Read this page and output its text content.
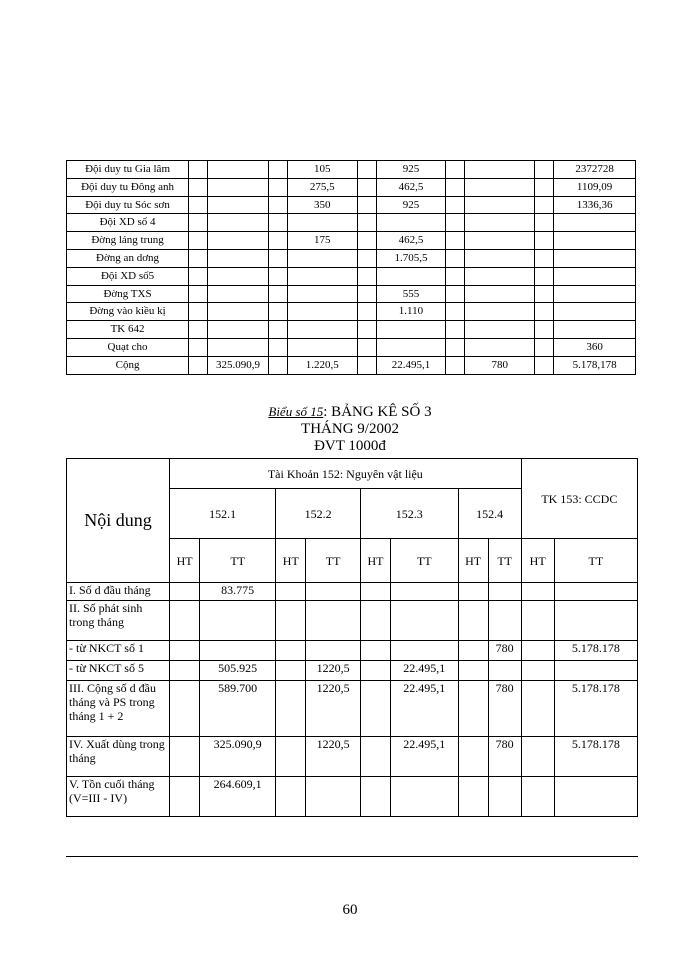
Đội duy tu Gia lâm				105		925				2372728
Đội duy tu Đông anh				275,5		462,5				1109,09
Đội duy tu Sóc sơn				350		925				1336,36
Đội XD số 4										
Đờng láng trung				175		462,5				
Đờng an dơng						1.705,5				
Đội XD số5										
Đờng TXS						555				
Đờng vào kiều kị						1.110				
TK 642										
Quạt cho										360
Cộng		325.090,9		1.220,5		22.495,1		780		5.178,178
Biểu số 15: BẢNG KÊ SỐ 3
THÁNG 9/2002
ĐVT 1000đ
Nội dung	Tài Khoản 152: Nguyên vật liệu								TK 153: CCDC	
	152.1		152.2		152.3		152.4			
	HT	TT	HT	TT	HT	TT	HT	TT	HT	TT
I. Số d đầu tháng		83.775								
II. Số phát sinh trong tháng										
- từ NKCT số 1								780		5.178.178
- từ NKCT số 5		505.925		1220,5		22.495,1				
III. Cộng số d đầu tháng và PS trong tháng 1 + 2		589.700		1220,5		22.495,1		780		5.178.178
IV. Xuất dùng trong tháng		325.090,9		1220,5		22.495,1		780		5.178.178
V. Tồn cuối tháng (V=III - IV)		264.609,1								
60
